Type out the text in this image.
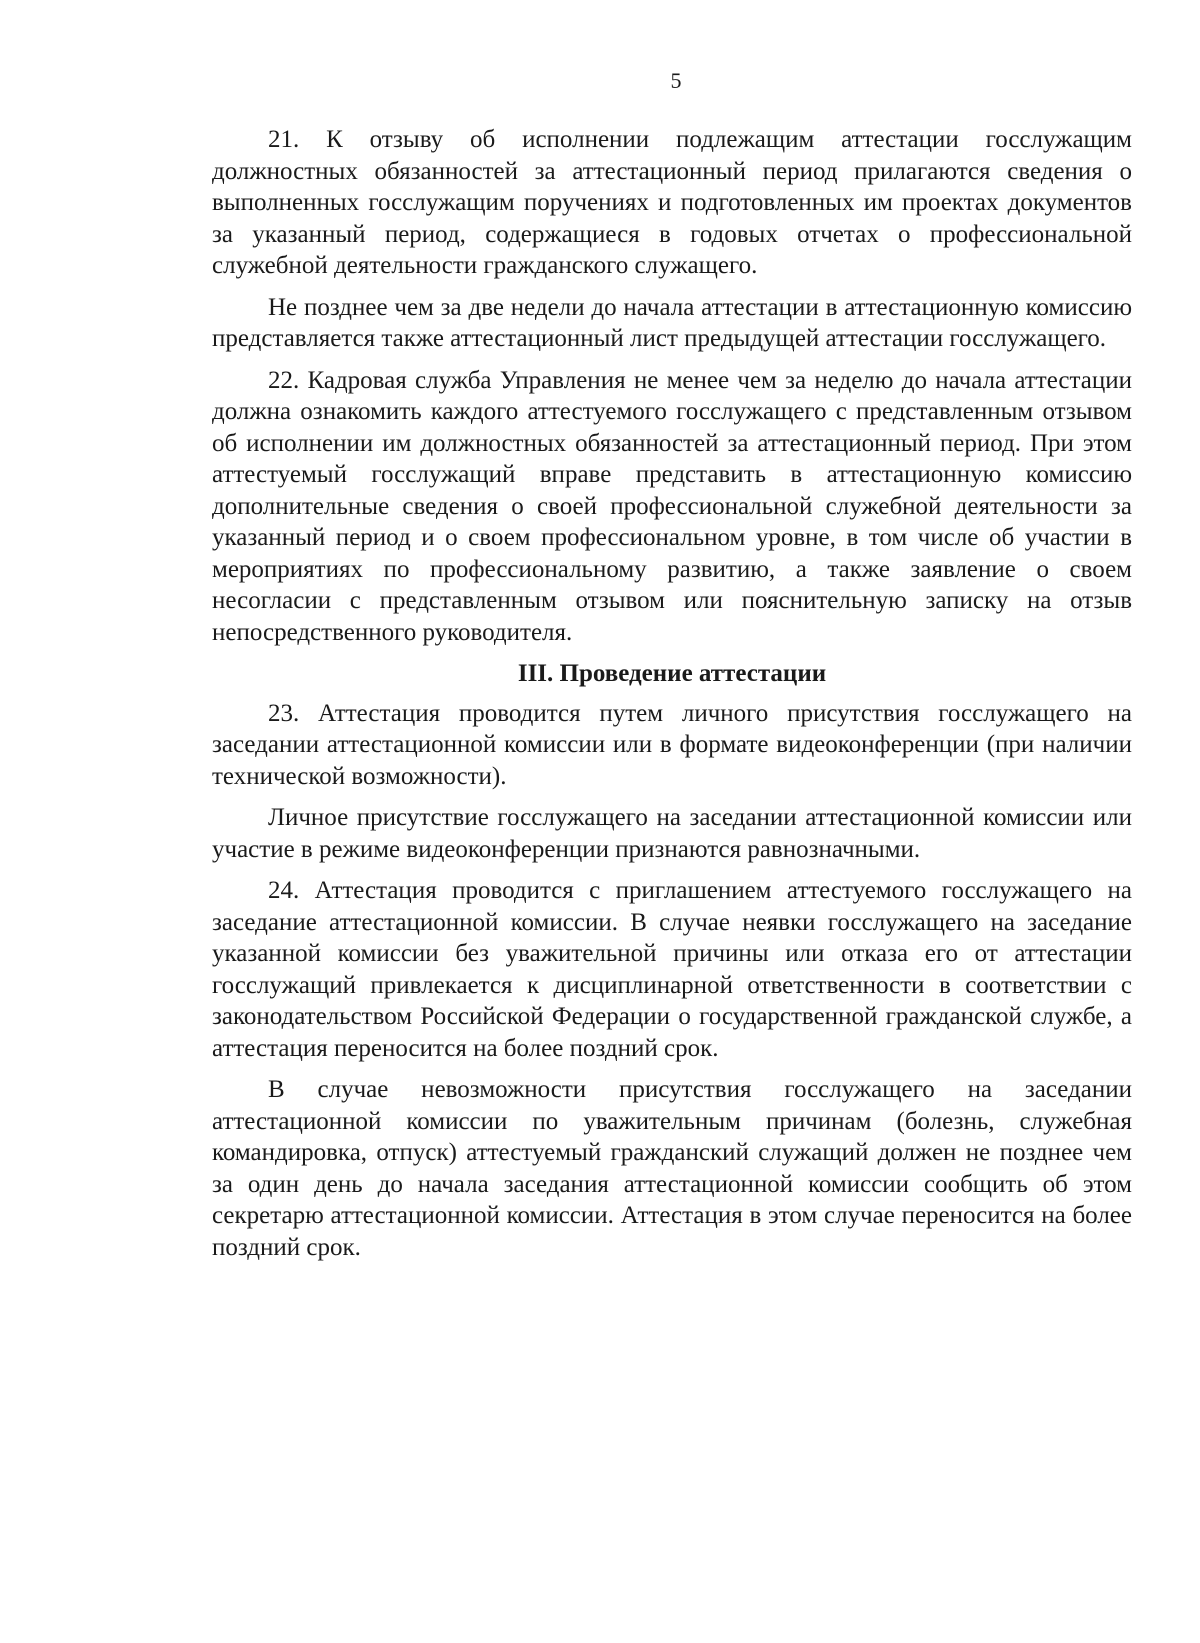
5

21. К отзыву об исполнении подлежащим аттестации госслужащим должностных обязанностей за аттестационный период прилагаются сведения о выполненных госслужащим поручениях и подготовленных им проектах документов за указанный период, содержащиеся в годовых отчетах о профессиональной служебной деятельности гражданского служащего.

Не позднее чем за две недели до начала аттестации в аттестационную комиссию представляется также аттестационный лист предыдущей аттестации госслужащего.

22. Кадровая служба Управления не менее чем за неделю до начала аттестации должна ознакомить каждого аттестуемого госслужащего с представленным отзывом об исполнении им должностных обязанностей за аттестационный период. При этом аттестуемый госслужащий вправе представить в аттестационную комиссию дополнительные сведения о своей профессиональной служебной деятельности за указанный период и о своем профессиональном уровне, в том числе об участии в мероприятиях по профессиональному развитию, а также заявление о своем несогласии с представленным отзывом или пояснительную записку на отзыв непосредственного руководителя.

III. Проведение аттестации

23. Аттестация проводится путем личного присутствия госслужащего на заседании аттестационной комиссии или в формате видеоконференции (при наличии технической возможности).

Личное присутствие госслужащего на заседании аттестационной комиссии или участие в режиме видеоконференции признаются равнозначными.

24. Аттестация проводится с приглашением аттестуемого госслужащего на заседание аттестационной комиссии. В случае неявки госслужащего на заседание указанной комиссии без уважительной причины или отказа его от аттестации госслужащий привлекается к дисциплинарной ответственности в соответствии с законодательством Российской Федерации о государственной гражданской службе, а аттестация переносится на более поздний срок.

В случае невозможности присутствия госслужащего на заседании аттестационной комиссии по уважительным причинам (болезнь, служебная командировка, отпуск) аттестуемый гражданский служащий должен не позднее чем за один день до начала заседания аттестационной комиссии сообщить об этом секретарю аттестационной комиссии. Аттестация в этом случае переносится на более поздний срок.
